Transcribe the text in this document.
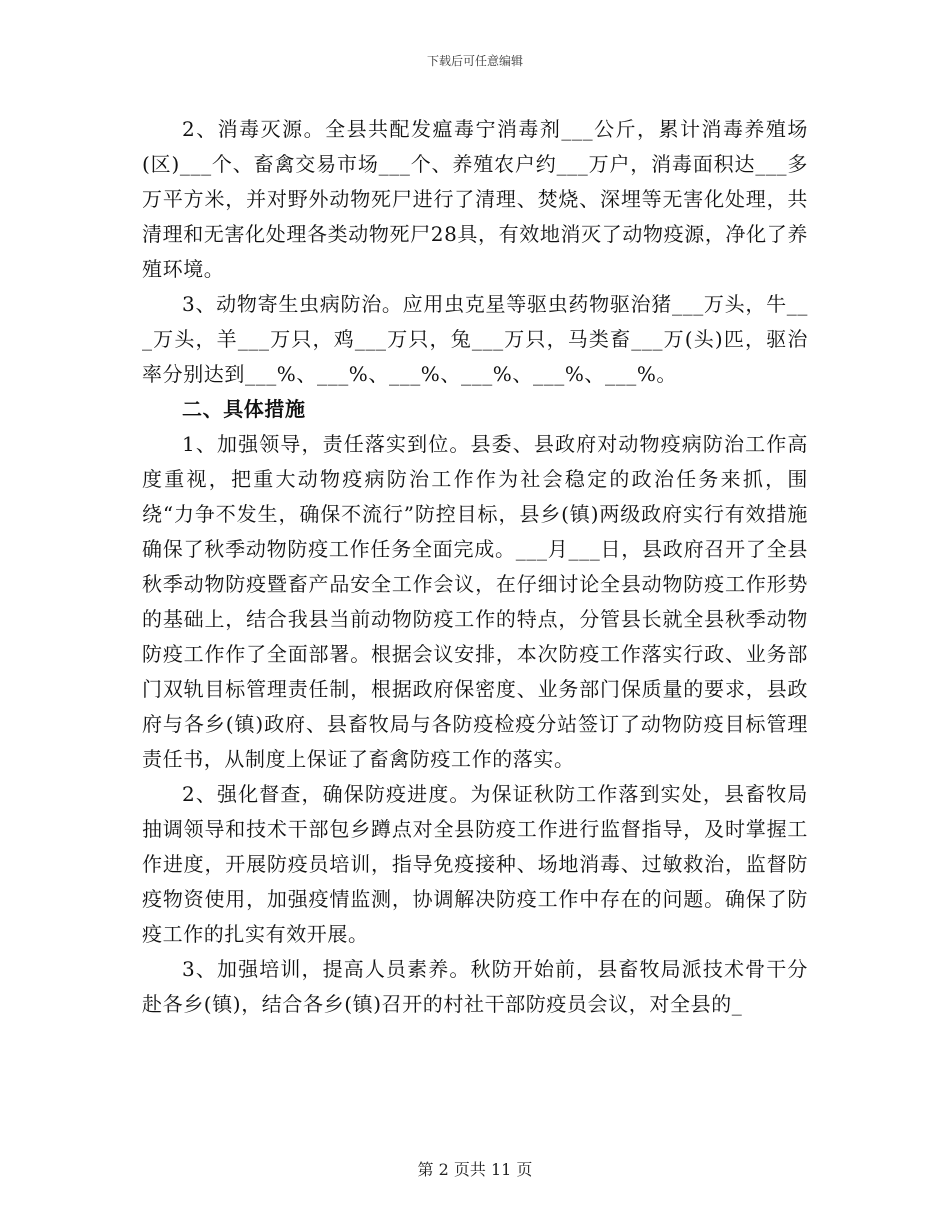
下载后可任意编辑

2、消毒灭源。全县共配发瘟毒宁消毒剂___公斤，累计消毒养殖场(区)___个、畜禽交易市场___个、养殖农户约___万户，消毒面积达___多万平方米，并对野外动物死尸进行了清理、焚烧、深埋等无害化处理，共清理和无害化处理各类动物死尸28具，有效地消灭了动物疫源，净化了养殖环境。

3、动物寄生虫病防治。应用虫克星等驱虫药物驱治猪___万头，牛___万头，羊___万只，鸡___万只，兔___万只，马类畜___万(头)匹，驱治率分别达到___%、___%、___%、___%、___%、___%。

二、具体措施

1、加强领导，责任落实到位。县委、县政府对动物疫病防治工作高度重视，把重大动物疫病防治工作作为社会稳定的政治任务来抓，围绕“力争不发生，确保不流行”防控目标，县乡(镇)两级政府实行有效措施确保了秋季动物防疫工作任务全面完成。___月___日，县政府召开了全县秋季动物防疫暨畜产品安全工作会议，在仔细讨论全县动物防疫工作形势的基础上，结合我县当前动物防疫工作的特点，分管县长就全县秋季动物防疫工作作了全面部署。根据会议安排，本次防疫工作落实行政、业务部门双轨目标管理责任制，根据政府保密度、业务部门保质量的要求，县政府与各乡(镇)政府、县畜牧局与各防疫检疫分站签订了动物防疫目标管理责任书，从制度上保证了畜禽防疫工作的落实。

2、强化督查，确保防疫进度。为保证秋防工作落到实处，县畜牧局抽调领导和技术干部包乡蹲点对全县防疫工作进行监督指导，及时掌握工作进度，开展防疫员培训，指导免疫接种、场地消毒、过敏救治，监督防疫物资使用，加强疫情监测，协调解决防疫工作中存在的问题。确保了防疫工作的扎实有效开展。

3、加强培训，提高人员素养。秋防开始前，县畜牧局派技术骨干分赴各乡(镇)，结合各乡(镇)召开的村社干部防疫员会议，对全县的_

第 2 页共 11 页
